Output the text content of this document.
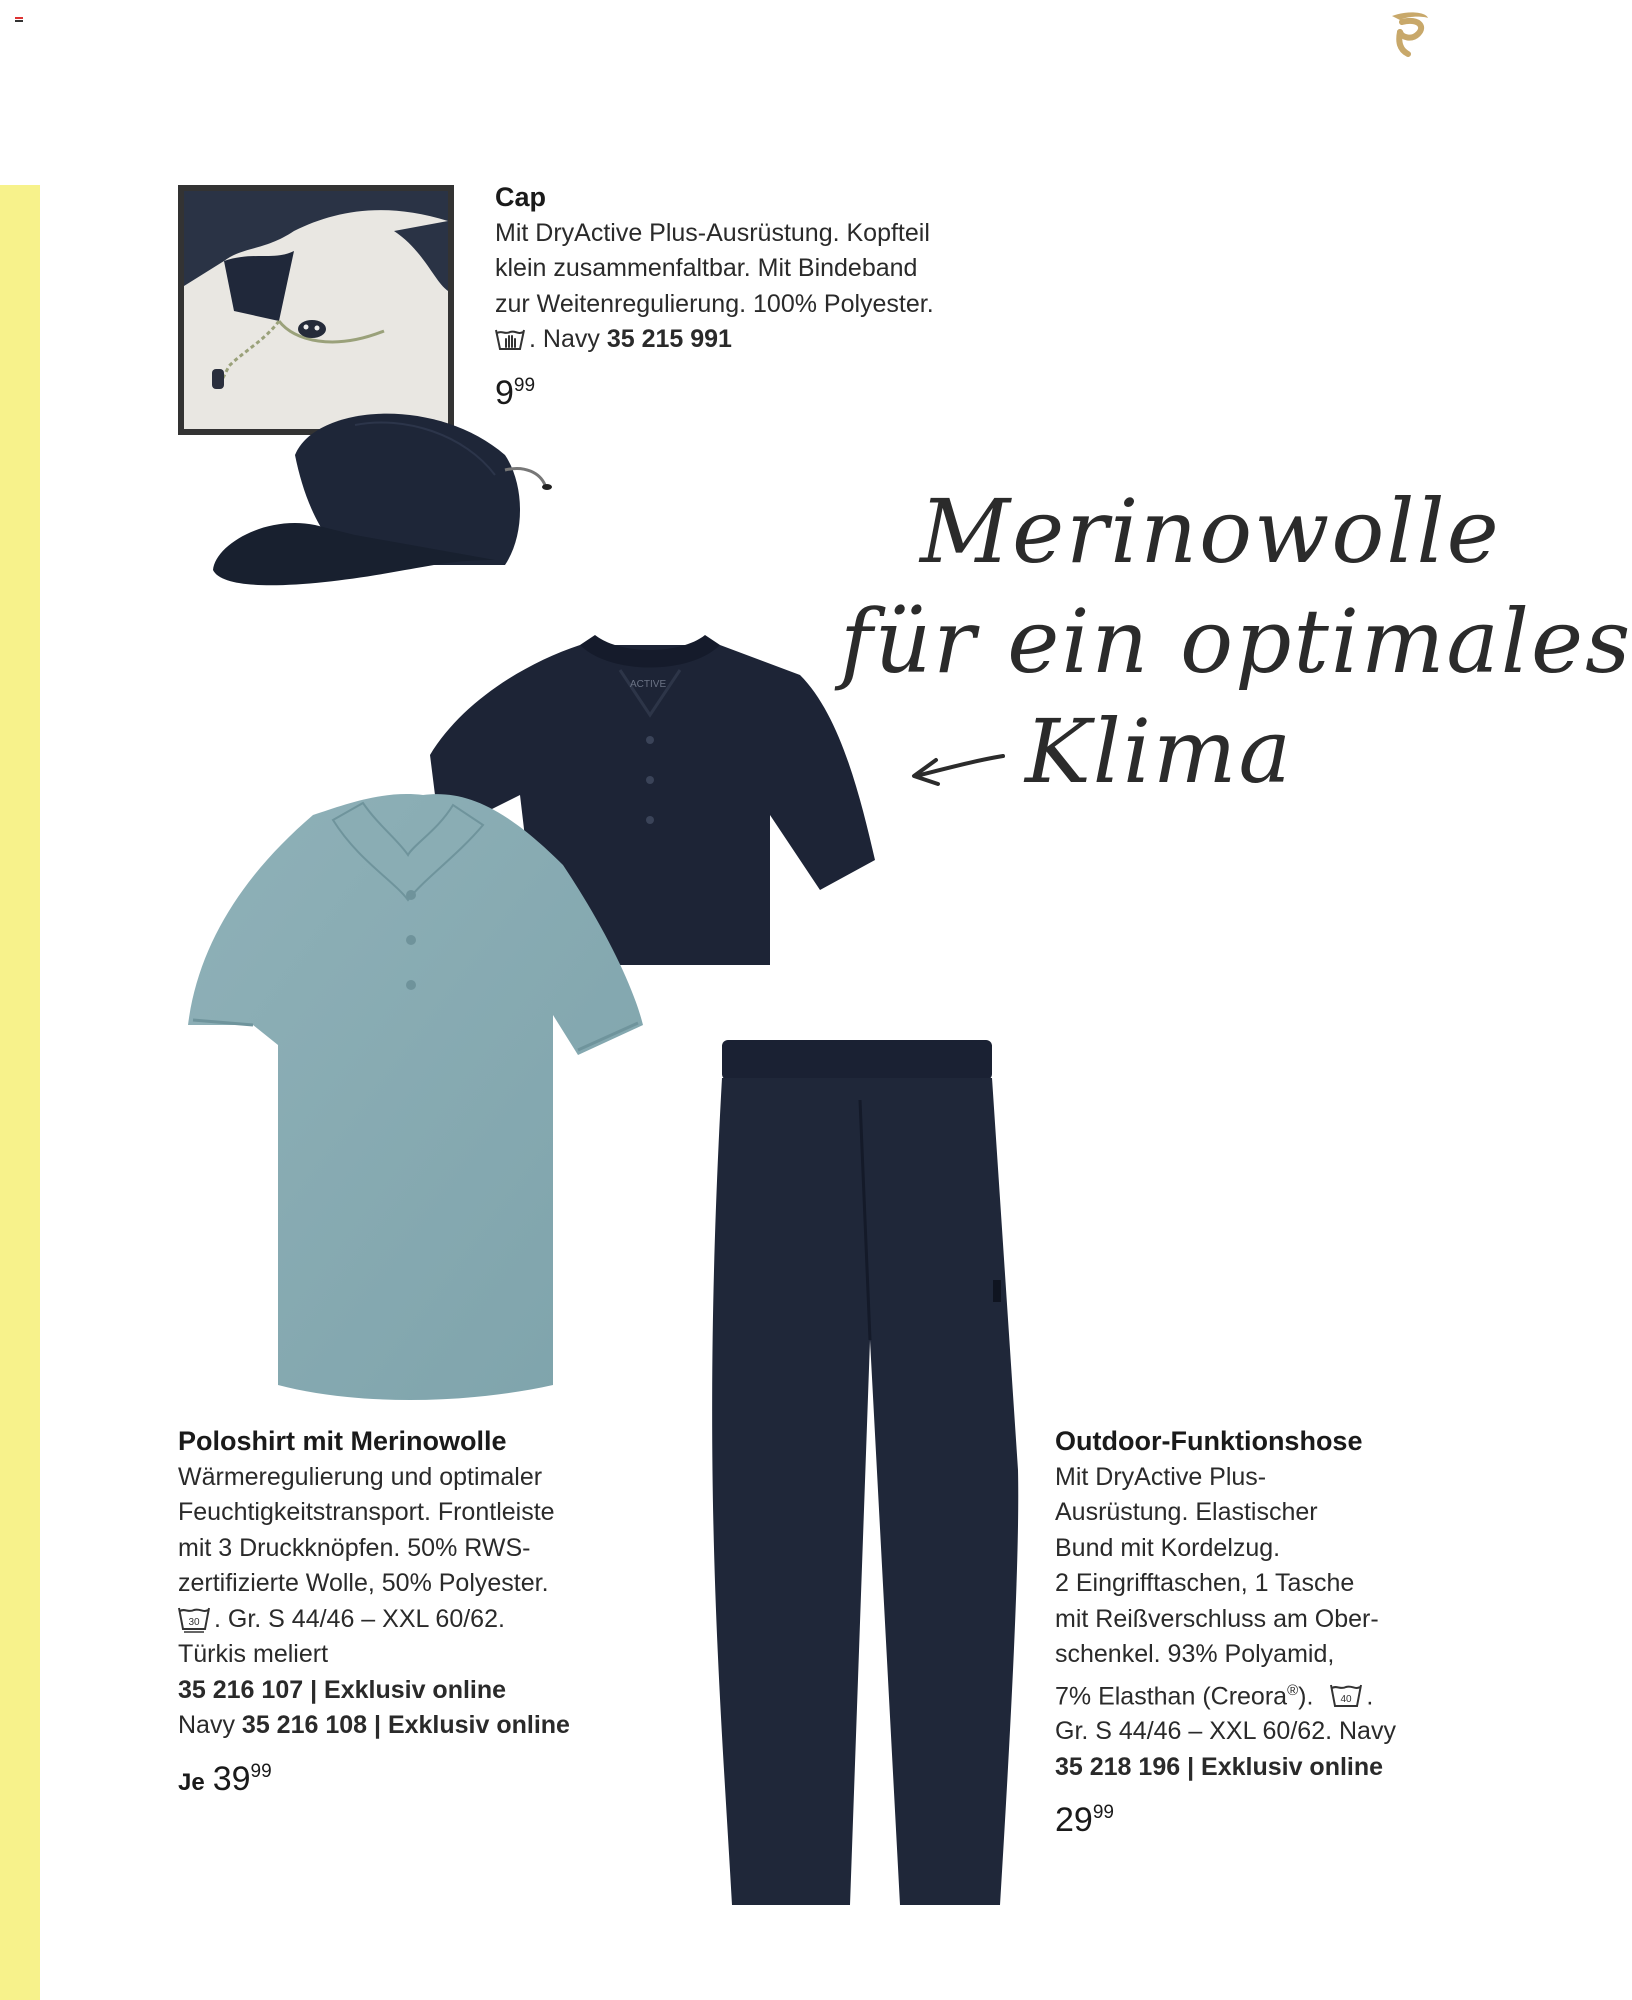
Cap
Mit DryActive Plus-Ausrüstung. Kopfteil
klein zusammenfaltbar. Mit Bindeband
zur Weitenregulierung. 100% Polyester.
. Navy 35 215 991
$9^{99}$
Merinowolle
für ein optimales
Klima
ACTIVE
Poloshirt mit Merinowolle
Wärmeregulierung und optimaler
Feuchtigkeitstransport. Frontleiste
mit 3 Druckknöpfen. 50% RWS-
zertifizierte Wolle, 50% Polyester.
30 . Gr. S 44/46 – XXL 60/62.
Türkis meliert
35 216 107 | Exklusiv online
Navy 35 216 108 | Exklusiv online
Je $39^{99}$
Outdoor-Funktionshose
Mit DryActive Plus-
Ausrüstung. Elastischer
Bund mit Kordelzug.
2 Eingrifftaschen, 1 Tasche
mit Reißverschluss am Ober-
schenkel. 93% Polyamid,
7% Elasthan (Creora®).	40 .
Gr. S 44/46 – XXL 60/62. Navy
35 218 196 | Exklusiv online
$29^{99}$
